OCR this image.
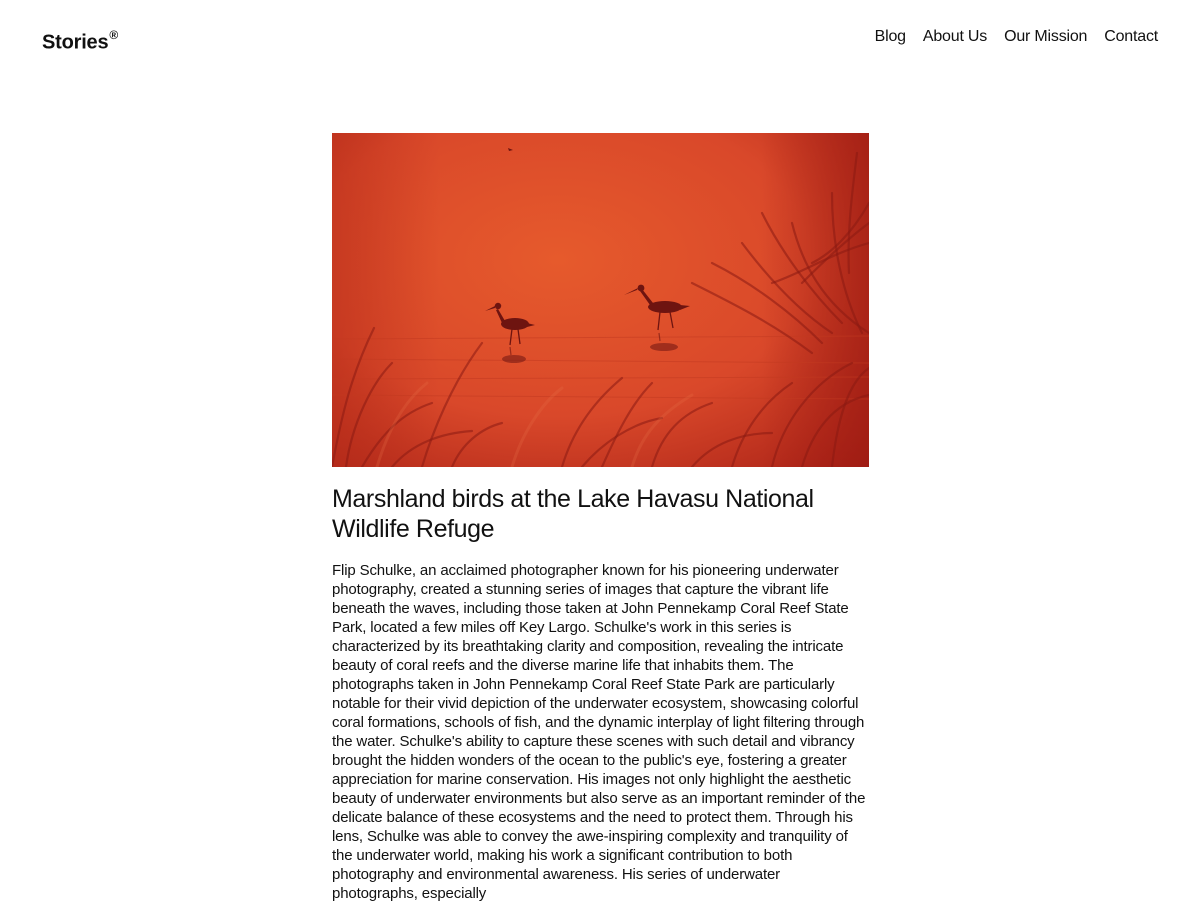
Stories®	Blog About Us Our Mission Contact
Marshland birds at the Lake Havasu National Wildlife Refuge

Flip Schulke, an acclaimed photographer known for his pioneering underwater photography, created a stunning series of images that capture the vibrant life beneath the waves, including those taken at John Pennekamp Coral Reef State Park, located a few miles off Key Largo. Schulke's work in this series is characterized by its breathtaking clarity and composition, revealing the intricate beauty of coral reefs and the diverse marine life that inhabits them. The photographs taken in John Pennekamp Coral Reef State Park are particularly notable for their vivid depiction of the underwater ecosystem, showcasing colorful coral formations, schools of fish, and the dynamic interplay of light filtering through the water. Schulke's ability to capture these scenes with such detail and vibrancy brought the hidden wonders of the ocean to the public's eye, fostering a greater appreciation for marine conservation. His images not only highlight the aesthetic beauty of underwater environments but also serve as an important reminder of the delicate balance of these ecosystems and the need to protect them. Through his lens, Schulke was able to convey the awe-inspiring complexity and tranquility of the underwater world, making his work a significant contribution to both photography and environmental awareness. His series of underwater photographs, especially
